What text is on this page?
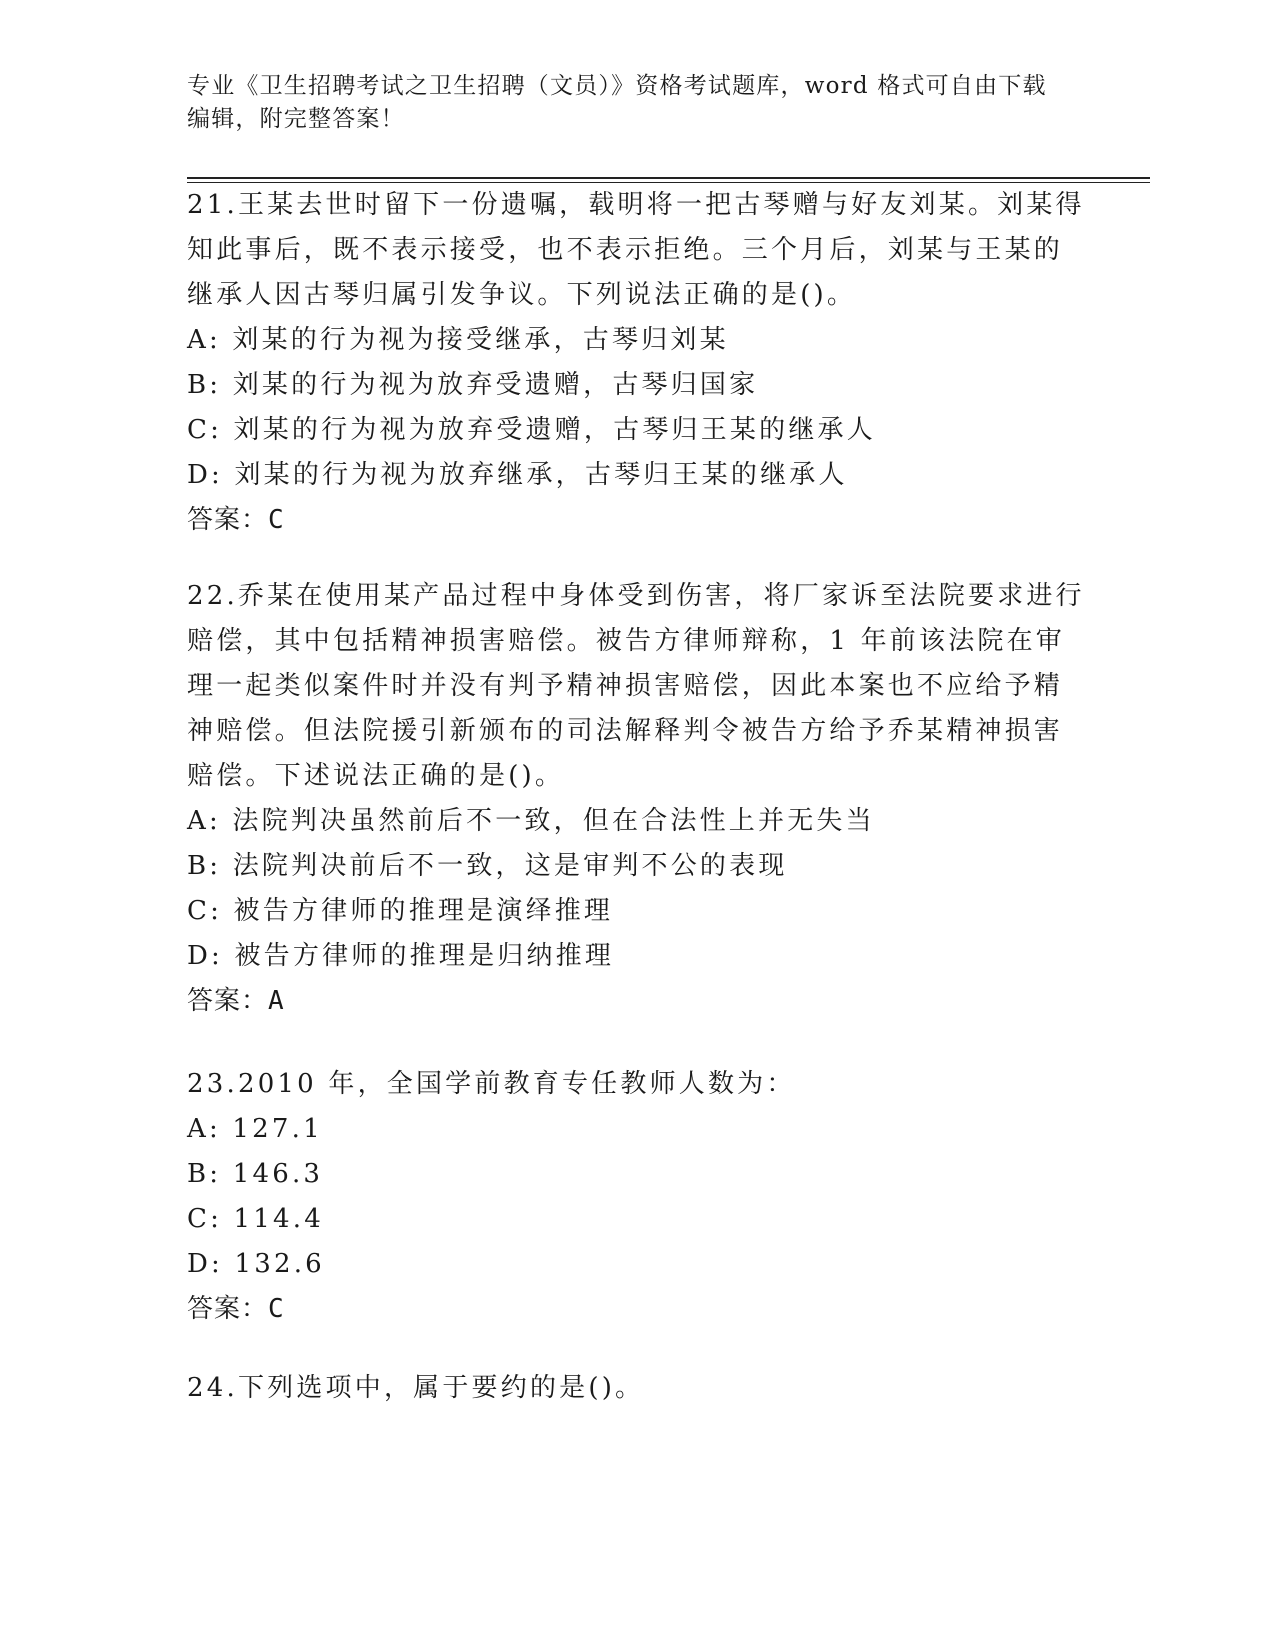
专业《卫生招聘考试之卫生招聘（文员）》资格考试题库，word 格式可自由下载编辑，附完整答案！

21.王某去世时留下一份遗嘱，载明将一把古琴赠与好友刘某。刘某得知此事后，既不表示接受，也不表示拒绝。三个月后，刘某与王某的继承人因古琴归属引发争议。下列说法正确的是()。

A: 刘某的行为视为接受继承，古琴归刘某

B: 刘某的行为视为放弃受遗赠，古琴归国家

C: 刘某的行为视为放弃受遗赠，古琴归王某的继承人

D: 刘某的行为视为放弃继承，古琴归王某的继承人

答案：C

22.乔某在使用某产品过程中身体受到伤害，将厂家诉至法院要求进行赔偿，其中包括精神损害赔偿。被告方律师辩称，1 年前该法院在审理一起类似案件时并没有判予精神损害赔偿，因此本案也不应给予精神赔偿。但法院援引新颁布的司法解释判令被告方给予乔某精神损害赔偿。下述说法正确的是()。

A: 法院判决虽然前后不一致，但在合法性上并无失当

B: 法院判决前后不一致，这是审判不公的表现

C: 被告方律师的推理是演绎推理

D: 被告方律师的推理是归纳推理

答案：A

23.2010 年，全国学前教育专任教师人数为：

A: 127.1

B: 146.3

C: 114.4

D: 132.6

答案：C

24.下列选项中，属于要约的是()。
